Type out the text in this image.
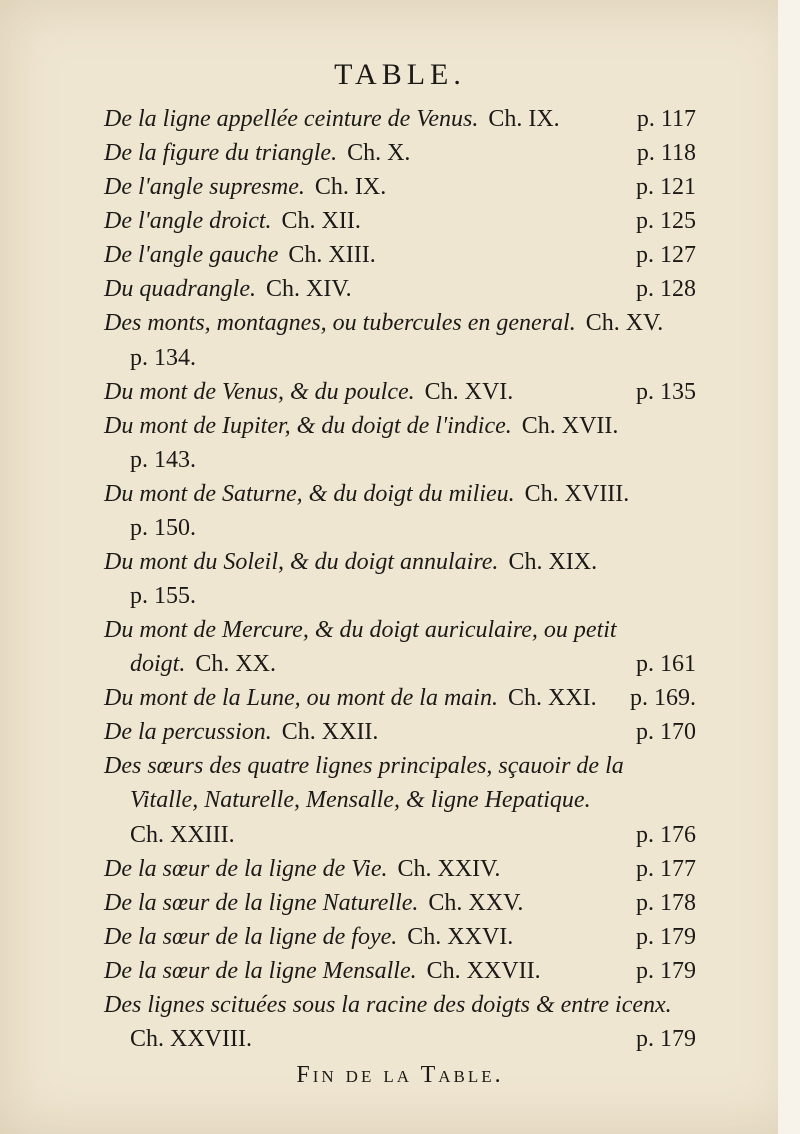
TABLE.
De la ligne appellée ceinture de Venus. Ch. IX.	p. 117
De la figure du triangle. Ch. X.	p. 118
De l'angle supresme. Ch. IX.	p. 121
De l'angle droict. Ch. XII.	p. 125
De l'angle gauche Ch. XIII.	p. 127
Du quadrangle. Ch. XIV.	p. 128
Des monts, montagnes, ou tubercules en general. Ch. XV.
p. 134.
Du mont de Venus, & du poulce. Ch. XVI.	p. 135
Du mont de Iupiter, & du doigt de l'indice. Ch. XVII.
p. 143.
Du mont de Saturne, & du doigt du milieu. Ch. XVIII.
p. 150.
Du mont du Soleil, & du doigt annulaire. Ch. XIX.
p. 155.
Du mont de Mercure, & du doigt auriculaire, ou petit
doigt. Ch. XX.	p. 161
Du mont de la Lune, ou mont de la main. Ch. XXI. p. 169.
De la percussion. Ch. XXII.	p. 170
Des sœurs des quatre lignes principales, sçauoir de la
Vitalle, Naturelle, Mensalle, & ligne Hepatique.
Ch. XXIII.	p. 176
De la sœur de la ligne de Vie. Ch. XXIV.	p. 177
De la sœur de la ligne Naturelle. Ch. XXV.	p. 178
De la sœur de la ligne de foye. Ch. XXVI.	p. 179
De la sœur de la ligne Mensalle. Ch. XXVII.	p. 179
Des lignes scituées sous la racine des doigts & entre icenx.
Ch. XXVIII.	p. 179
Fin de la Table.
